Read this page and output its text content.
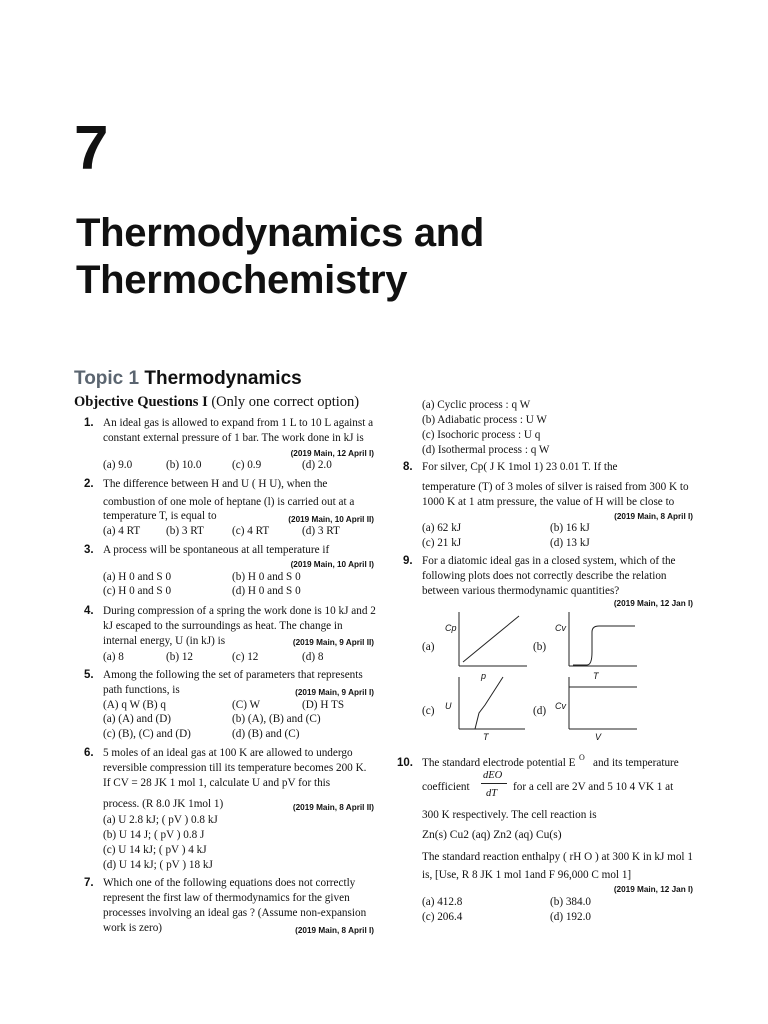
7
Thermodynamics and
Thermochemistry
Topic 1 Thermodynamics
Objective Questions I (Only one correct option)
1. An ideal gas is allowed to expand from 1 L to 10 L against a
constant external pressure of 1 bar. The work done in kJ is
(2019 Main, 12 April I)
(a) 9.0	(b) 10.0	(c) 0.9	(d) 2.0
2. The difference between H and U ( H U), when the
combustion of one mole of heptane (l) is carried out at a
temperature T, is equal to	(2019 Main, 10 April II)
(a) 4 RT (b) 3 RT	(c) 4 RT	(d) 3 RT
3. A process will be spontaneous at all temperature if
(2019 Main, 10 April I)
(a) H 0 and S 0	(b) H 0 and S 0
(c) H 0 and S 0	(d) H 0 and S 0
4. During compression of a spring the work done is 10 kJ and 2
kJ escaped to the surroundings as heat. The change in
internal energy, U (in kJ) is	(2019 Main, 9 April II)
(a) 8	(b) 12	(c) 12	(d) 8
5. Among the following the set of parameters that represents
path functions, is	(2019 Main, 9 April I)
(A) q W (B) q	(C) W	(D) H TS
(a) (A) and (D)	(b) (A), (B) and (C)
(c) (B), (C) and (D)	(d) (B) and (C)
6. 5 moles of an ideal gas at 100 K are allowed to undergo
reversible compression till its temperature becomes 200 K.
If CV = 28 JK 1 mol 1, calculate U and pV for this
process. (R 8.0 JK 1mol 1)	(2019 Main, 8 April II)
(a) U 2.8 kJ; ( pV ) 0.8 kJ
(b) U 14 J; ( pV ) 0.8 J
(c) U 14 kJ; ( pV ) 4 kJ
(d) U 14 kJ; ( pV ) 18 kJ
7. Which one of the following equations does not correctly
represent the first law of thermodynamics for the given
processes involving an ideal gas ? (Assume non-expansion
work is zero)	(2019 Main, 8 April I)
(a) Cyclic process : q W
(b) Adiabatic process : U W
(c) Isochoric process : U q
(d) Isothermal process : q W
8. For silver, Cp( J K 1mol 1) 23 0.01 T. If the
temperature (T) of 3 moles of silver is raised from 300 K to
1000 K at 1 atm pressure, the value of H will be close to
(2019 Main, 8 April I)
(a) 62 kJ	(b) 16 kJ
(c) 21 kJ	(d) 13 kJ
9. For a diatomic ideal gas in a closed system, which of the
following plots does not correctly describe the relation
between various thermodynamic quantities?
(2019 Main, 12 Jan I)
(a)
Cp
p
(b)
Cv
T
(c) U
T
(d) Cv
V
10. The standard electrode potential E O and its temperature
coefficient
dEO
dT
for a cell are 2V and 5 10 4 VK 1 at
300 K respectively. The cell reaction is
Zn(s) Cu2 (aq) Zn2 (aq) Cu(s)
The standard reaction enthalpy ( rH O ) at 300 K in kJ mol 1
is, [Use, R 8 JK 1 mol 1and F 96,000 C mol 1]
(2019 Main, 12 Jan I)
(a) 412.8	(b) 384.0
(c) 206.4	(d) 192.0
